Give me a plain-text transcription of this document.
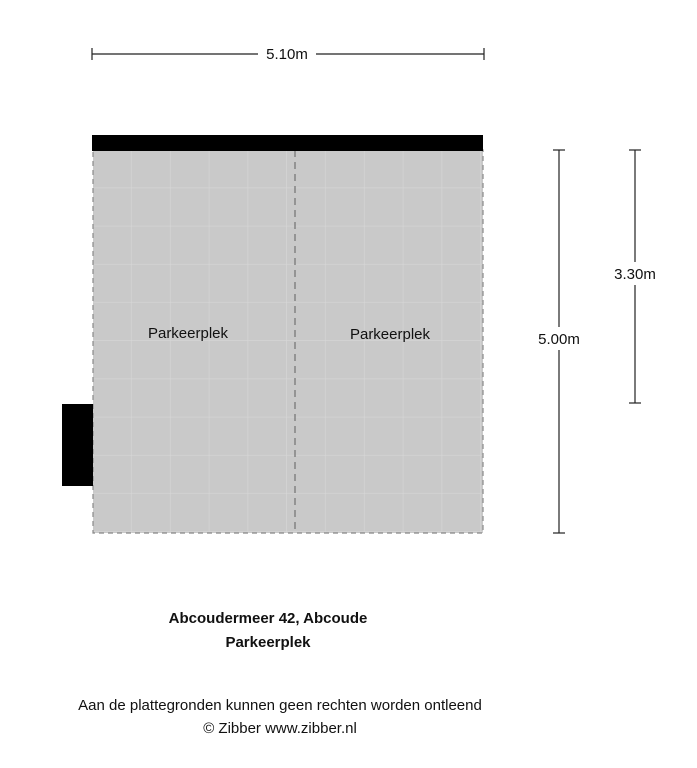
Parkeerplek	Parkeerplek
5.10m
5.00m
3.30m
Abcoudermeer 42, Abcoude
Parkeerplek
Aan de plattegronden kunnen geen rechten worden ontleend
© Zibber www.zibber.nl
